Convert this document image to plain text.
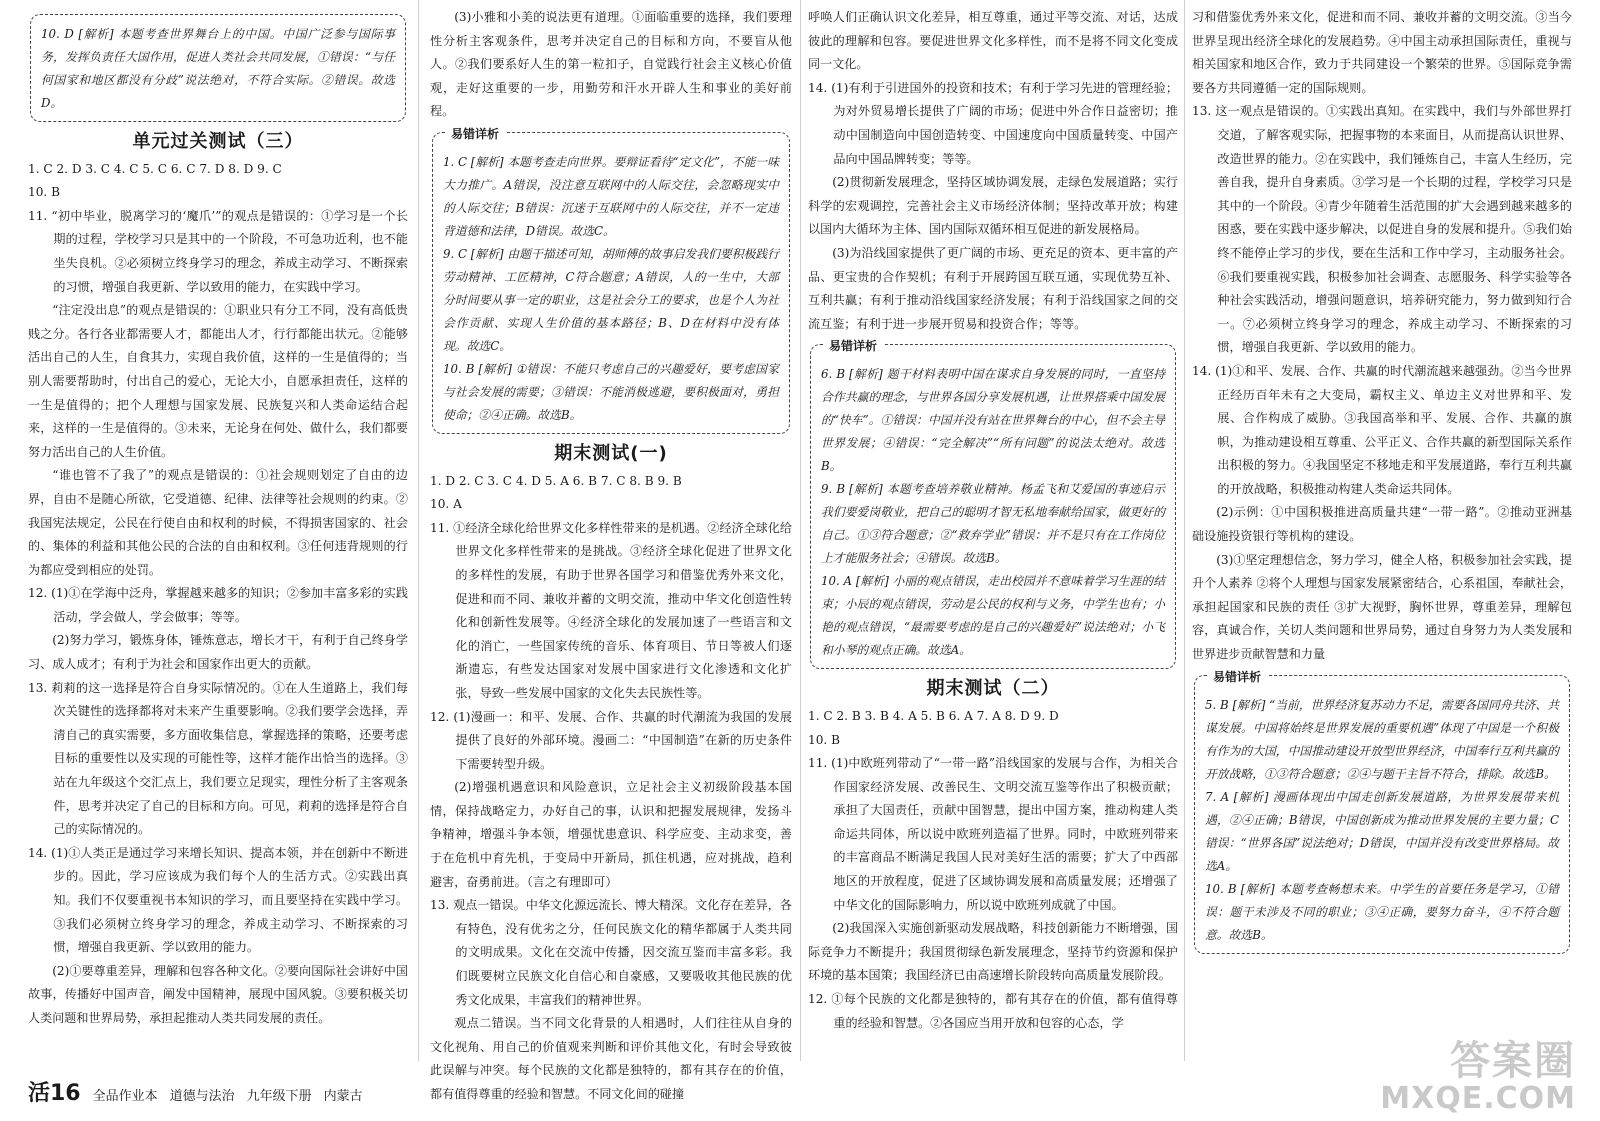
10. D [解析] 本题考查世界舞台上的中国。中国广泛参与国际事务，发挥负责任大国作用，促进人类社会共同发展，①错误：“与任何国家和地区都没有分歧”说法绝对，不符合实际。②错误。故选D。

单元过关测试（三）

1. C 2. D 3. C 4. C 5. C 6. C 7. D 8. D 9. C

10. B

11. “初中毕业，脱离学习的‘魔爪’”的观点是错误的：①学习是一个长期的过程，学校学习只是其中的一个阶段，不可急功近利，也不能坐失良机。②必须树立终身学习的理念，养成主动学习、不断探索的习惯，增强自我更新、学以致用的能力，在实践中学习。

“注定没出息”的观点是错误的：①职业只有分工不同，没有高低贵贱之分。各行各业都需要人才，都能出人才，行行都能出状元。②能够活出自己的人生，自食其力，实现自我价值，这样的一生是值得的；当别人需要帮助时，付出自己的爱心，无论大小，自愿承担责任，这样的一生是值得的；把个人理想与国家发展、民族复兴和人类命运结合起来，这样的一生是值得的。③未来，无论身在何处、做什么，我们都要努力活出自己的人生价值。

“谁也管不了我了”的观点是错误的：①社会规则划定了自由的边界，自由不是随心所欲，它受道德、纪律、法律等社会规则的约束。②我国宪法规定，公民在行使自由和权利的时候，不得损害国家的、社会的、集体的利益和其他公民的合法的自由和权利。③任何违背规则的行为都应受到相应的处罚。

12. (1)①在学海中泛舟，掌握越来越多的知识；②参加丰富多彩的实践活动，学会做人，学会做事；等等。

(2)努力学习，锻炼身体，锤炼意志，增长才干，有利于自己终身学习、成人成才；有利于为社会和国家作出更大的贡献。

13. 莉莉的这一选择是符合自身实际情况的。①在人生道路上，我们每次关键性的选择都将对未来产生重要影响。②我们要学会选择，弄清自己的真实需要，多方面收集信息，掌握选择的策略，还要考虑目标的重要性以及实现的可能性等，这样才能作出恰当的选择。③站在九年级这个交汇点上，我们要立足现实，理性分析了主客观条件，思考并决定了自己的目标和方向。可见，莉莉的选择是符合自己的实际情况的。

14. (1)①人类正是通过学习来增长知识、提高本领，并在创新中不断进步的。因此，学习应该成为我们每个人的生活方式。②实践出真知。我们不仅要重视书本知识的学习，而且要坚持在实践中学习。③我们必须树立终身学习的理念，养成主动学习、不断探索的习惯，增强自我更新、学以致用的能力。

(2)①要尊重差异，理解和包容各种文化。②要向国际社会讲好中国故事，传播好中国声音，阐发中国精神，展现中国风貌。③要积极关切人类问题和世界局势，承担起推动人类共同发展的责任。

(3)小雅和小美的说法更有道理。①面临重要的选择，我们要理性分析主客观条件，思考并决定自己的目标和方向，不要盲从他人。②我们要系好人生的第一粒扣子，自觉践行社会主义核心价值观，走好这重要的一步，用勤劳和汗水开辟人生和事业的美好前程。

易错详析

1. C [解析] 本题考查走向世界。要辩证看待“定文化”，不能一味大力推广。A错误，没注意互联网中的人际交往，会忽略现实中的人际交往；B错误：沉迷于互联网中的人际交往，并不一定违背道德和法律，D错误。故选C。

9. C [解析] 由题干描述可知，胡师傅的故事启发我们要积极践行劳动精神、工匠精神，C符合题意；A错误，人的一生中，大部分时间要从事一定的职业，这是社会分工的要求，也是个人为社会作贡献、实现人生价值的基本路径；B、D在材料中没有体现。故选C。

10. B [解析] ①错误：不能只考虑自己的兴趣爱好，要考虑国家与社会发展的需要；③错误：不能消极逃避，要积极面对，勇担使命；②④正确。故选B。

期末测试(一)

1. D 2. C 3. C 4. D 5. A 6. B 7. C 8. B 9. B

10. A

11. ①经济全球化给世界文化多样性带来的是机遇。②经济全球化给世界文化多样性带来的是挑战。③经济全球化促进了世界文化的多样性的发展，有助于世界各国学习和借鉴优秀外来文化，促进和而不同、兼收并蓄的文明交流，推动中华文化创造性转化和创新性发展等。④经济全球化的发展加速了一些语言和文化的消亡，一些国家传统的音乐、体育项目、节日等被人们逐渐遗忘，有些发达国家对发展中国家进行文化渗透和文化扩张，导致一些发展中国家的文化失去民族性等。

12. (1)漫画一：和平、发展、合作、共赢的时代潮流为我国的发展提供了良好的外部环境。漫画二：“中国制造”在新的历史条件下需要转型升级。

(2)增强机遇意识和风险意识，立足社会主义初级阶段基本国情，保持战略定力，办好自己的事，认识和把握发展规律，发扬斗争精神，增强斗争本领，增强忧患意识、科学应变、主动求变，善于在危机中育先机，于变局中开新局，抓住机遇，应对挑战，趋利避害，奋勇前进。（言之有理即可）

13. 观点一错误。中华文化源远流长、博大精深。文化存在差异，各有特色，没有优劣之分，任何民族文化的精华都属于人类共同的文明成果。文化在交流中传播，因交流互鉴而丰富多彩。我们既要树立民族文化自信心和自豪感，又要吸收其他民族的优秀文化成果，丰富我们的精神世界。

观点二错误。当不同文化背景的人相遇时，人们往往从自身的文化视角、用自己的价值观来判断和评价其他文化，有时会导致彼此误解与冲突。每个民族的文化都是独特的，都有其存在的价值，都有值得尊重的经验和智慧。不同文化间的碰撞

呼唤人们正确认识文化差异，相互尊重，通过平等交流、对话，达成彼此的理解和包容。要促进世界文化多样性，而不是将不同文化变成同一文化。

14. (1)有利于引进国外的投资和技术；有利于学习先进的管理经验；为对外贸易增长提供了广阔的市场；促进中外合作日益密切；推动中国制造向中国创造转变、中国速度向中国质量转变、中国产品向中国品牌转变；等等。

(2)贯彻新发展理念，坚持区域协调发展，走绿色发展道路；实行科学的宏观调控，完善社会主义市场经济体制；坚持改革开放；构建以国内大循环为主体、国内国际双循环相互促进的新发展格局。

(3)为沿线国家提供了更广阔的市场、更充足的资本、更丰富的产品、更宝贵的合作契机；有利于开展跨国互联互通，实现优势互补、互利共赢；有利于推动沿线国家经济发展；有利于沿线国家之间的交流互鉴；有利于进一步展开贸易和投资合作；等等。

易错详析

6. B [解析] 题干材料表明中国在谋求自身发展的同时，一直坚持合作共赢的理念，与世界各国分享发展机遇，让世界搭乘中国发展的“快车”。①错误：中国并没有站在世界舞台的中心，但不会主导世界发展；④错误：“完全解决”“所有问题”的说法太绝对。故选B。

9. B [解析] 本题考查培养敬业精神。杨孟飞和艾爱国的事迹启示我们要爱岗敬业，把自己的聪明才智无私地奉献给国家，做更好的自己。①③符合题意；②“救弃学业”错误：并不是只有在工作岗位上才能服务社会；④错误。故选B。

10. A [解析] 小丽的观点错误，走出校园并不意味着学习生涯的结束；小辰的观点错误，劳动是公民的权利与义务，中学生也有；小艳的观点错误，“最需要考虑的是自己的兴趣爱好”说法绝对；小飞和小琴的观点正确。故选A。

期末测试（二）

1. C 2. B 3. B 4. A 5. B 6. A 7. A 8. D 9. D

10. B

11. (1)中欧班列带动了“一带一路”沿线国家的发展与合作，为相关合作国家经济发展、改善民生、文明交流互鉴等作出了积极贡献；承担了大国责任，贡献中国智慧，提出中国方案，推动构建人类命运共同体，所以说中欧班列造福了世界。同时，中欧班列带来的丰富商品不断满足我国人民对美好生活的需要；扩大了中西部地区的开放程度，促进了区域协调发展和高质量发展；还增强了中华文化的国际影响力，所以说中欧班列成就了中国。

(2)我国深入实施创新驱动发展战略，科技创新能力不断增强，国际竞争力不断提升；我国贯彻绿色新发展理念，坚持节约资源和保护环境的基本国策；我国经济已由高速增长阶段转向高质量发展阶段。

12. ①每个民族的文化都是独特的，都有其存在的价值，都有值得尊重的经验和智慧。②各国应当用开放和包容的心态，学

习和借鉴优秀外来文化，促进和而不同、兼收并蓄的文明交流。③当今世界呈现出经济全球化的发展趋势。④中国主动承担国际责任，重视与相关国家和地区合作，致力于共同建设一个繁荣的世界。⑤国际竞争需要各方共同遵循一定的国际规则。

13. 这一观点是错误的。①实践出真知。在实践中，我们与外部世界打交道，了解客观实际，把握事物的本来面目，从而提高认识世界、改造世界的能力。②在实践中，我们锤炼自己，丰富人生经历，完善自我，提升自身素质。③学习是一个长期的过程，学校学习只是其中的一个阶段。④青少年随着生活范围的扩大会遇到越来越多的困惑，要在实践中逐步解决，以促进自身的发展和提升。⑤我们始终不能停止学习的步伐，要在生活和工作中学习，主动服务社会。⑥我们要重视实践，积极参加社会调查、志愿服务、科学实验等各种社会实践活动，增强问题意识，培养研究能力，努力做到知行合一。⑦必须树立终身学习的理念，养成主动学习、不断探索的习惯，增强自我更新、学以致用的能力。

14. (1)①和平、发展、合作、共赢的时代潮流越来越强劲。②当今世界正经历百年未有之大变局，霸权主义、单边主义对世界和平、发展、合作构成了威胁。③我国高举和平、发展、合作、共赢的旗帜，为推动建设相互尊重、公平正义、合作共赢的新型国际关系作出积极的努力。④我国坚定不移地走和平发展道路，奉行互利共赢的开放战略，积极推动构建人类命运共同体。

(2)示例：①中国积极推进高质量共建“一带一路”。②推动亚洲基础设施投资银行等机构的建设。

(3)①坚定理想信念，努力学习，健全人格，积极参加社会实践，提升个人素养 ②将个人理想与国家发展紧密结合，心系祖国，奉献社会，承担起国家和民族的责任 ③扩大视野，胸怀世界，尊重差异，理解包容，真诚合作，关切人类问题和世界局势，通过自身努力为人类发展和世界进步贡献智慧和力量

易错详析

5. B [解析] “当前，世界经济复苏动力不足，需要各国同舟共济、共谋发展。中国将始终是世界发展的重要机遇”体现了中国是一个积极有作为的大国，中国推动建设开放型世界经济，中国奉行互利共赢的开放战略，①③符合题意；②④与题干主旨不符合，排除。故选B。

7. A [解析] 漫画体现出中国走创新发展道路，为世界发展带来机遇，②④正确；B错误，中国创新成为推动世界发展的主要力量；C错误：“世界各国”说法绝对；D错误，中国并没有改变世界格局。故选A。

10. B [解析] 本题考查畅想未来。中学生的首要任务是学习，①错误：题干未涉及不同的职业；③④正确，要努力奋斗，④不符合题意。故选B。

活16 全品作业本 道德与法治 九年级下册 内蒙古
答案圈
MXQE.COM
